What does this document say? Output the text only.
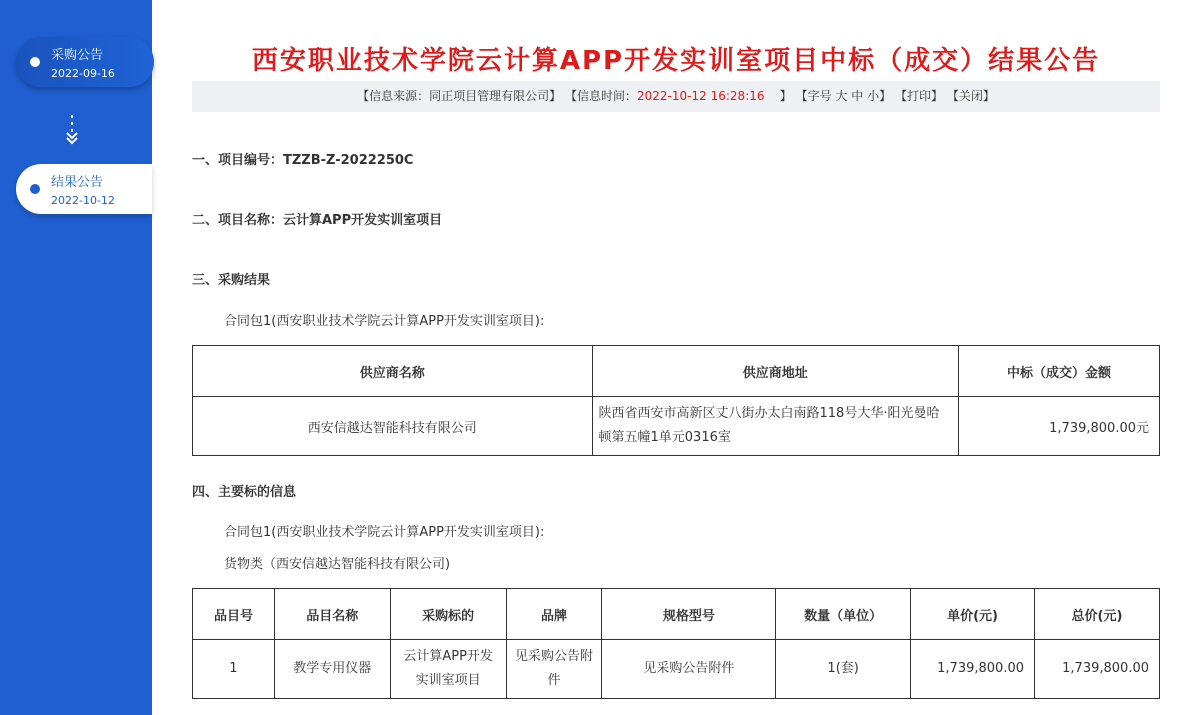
采购公告
2022-09-16
结果公告
2022-10-12
西安职业技术学院云计算APP开发实训室项目中标（成交）结果公告
【信息来源：同正项目管理有限公司】 【信息时间：2022-10-12 16:28:16 】 【字号 大 中 小】 【打印】 【关闭】
一、项目编号：TZZB-Z-2022250C
二、项目名称：云计算APP开发实训室项目
三、采购结果
合同包1(西安职业技术学院云计算APP开发实训室项目):
供应商名称	供应商地址	中标（成交）金额
西安信越达智能科技有限公司	陕西省西安市高新区丈八街办太白南路118号大华·阳光曼哈顿第五幢1单元0316室	1,739,800.00元
四、主要标的信息
合同包1(西安职业技术学院云计算APP开发实训室项目):
货物类（西安信越达智能科技有限公司)
品目号	品目名称	采购标的	品牌	规格型号	数量（单位）	单价(元)	总价(元)
1	教学专用仪器	云计算APP开发实训室项目	见采购公告附件	见采购公告附件	1(套)	1,739,800.00	1,739,800.00
